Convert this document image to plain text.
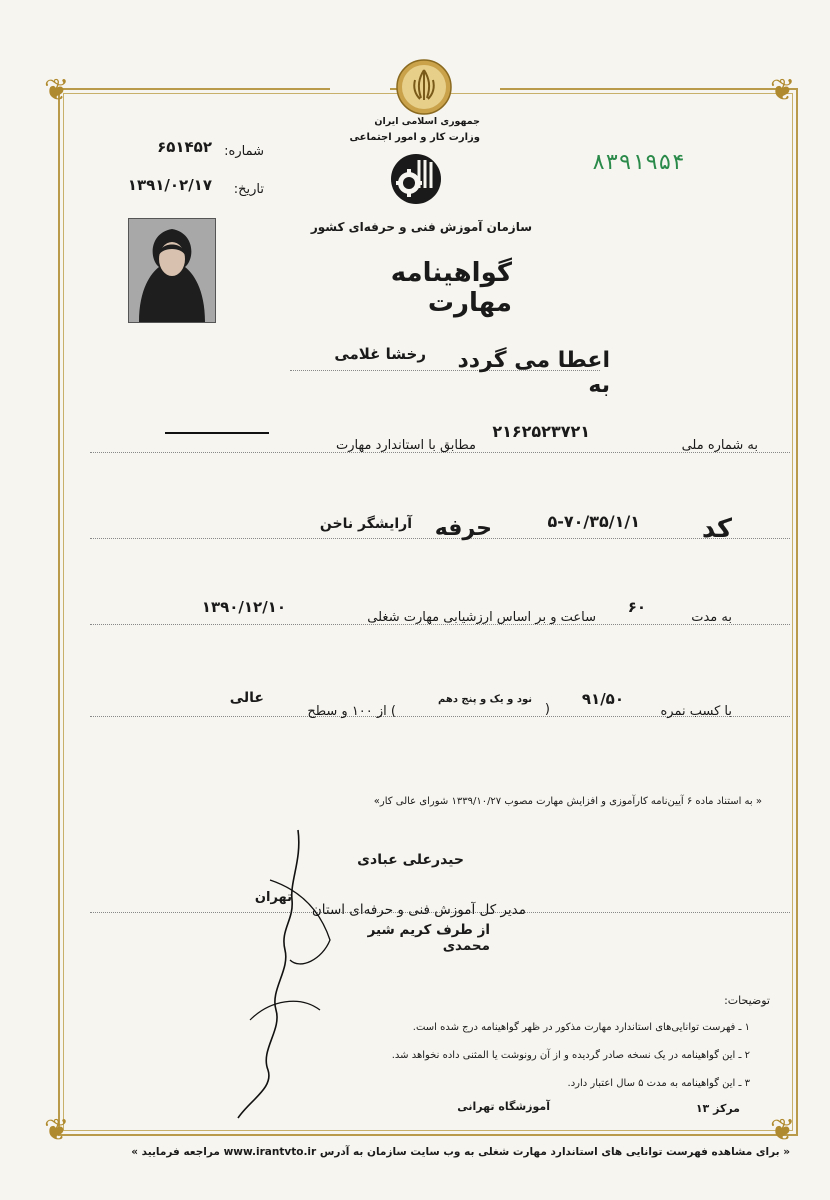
❦	❦
❦	❦
جمهوری اسلامی ایران
وزارت کار و امور اجتماعی
سازمان آموزش فنی و حرفه‌ای کشور
گواهینامه مهارت
شماره:
۶۵۱۴۵۲
تاریخ:
۱۳۹۱/۰۲/۱۷
۸۳۹۱۹۵۴
اعطا می گردد به
رخشا غلامی
به شماره ملی
۲۱۶۲۵۲۳۷۲۱
مطابق با استاندارد مهارت
کد
۵-۷۰/۳۵/۱/۱
حرفه
آرایشگر ناخن
به مدت
۶۰
ساعت و بر اساس ارزشیابی مهارت شغلی
۱۳۹۰/۱۲/۱۰
با کسب نمره
۹۱/۵۰
(
نود و یک و پنج دهم
) از ۱۰۰ و سطح
عالی
« به استناد ماده ۶ آیین‌نامه کارآموزی و افزایش مهارت مصوب ۱۳۳۹/۱۰/۲۷ شورای عالی کار»
حیدرعلی عبادی
مدیر کل آموزش فنی و حرفه‌ای استان
تهران
از طرف کریم شیر محمدی
توضیحات:
۱ ـ فهرست توانایی‌های استاندارد مهارت مذکور در ظهر گواهینامه درج شده است.
۲ ـ این گواهینامه در یک نسخه صادر گردیده و از آن رونوشت یا المثنی داده نخواهد شد.
۳ ـ این گواهینامه به مدت ۵ سال اعتبار دارد.
مرکز ۱۳
آموزشگاه تهرانی
« برای مشاهده فهرست توانایی های استاندارد مهارت شغلی به وب سایت سازمان به آدرس www.irantvto.ir مراجعه فرمایید »
